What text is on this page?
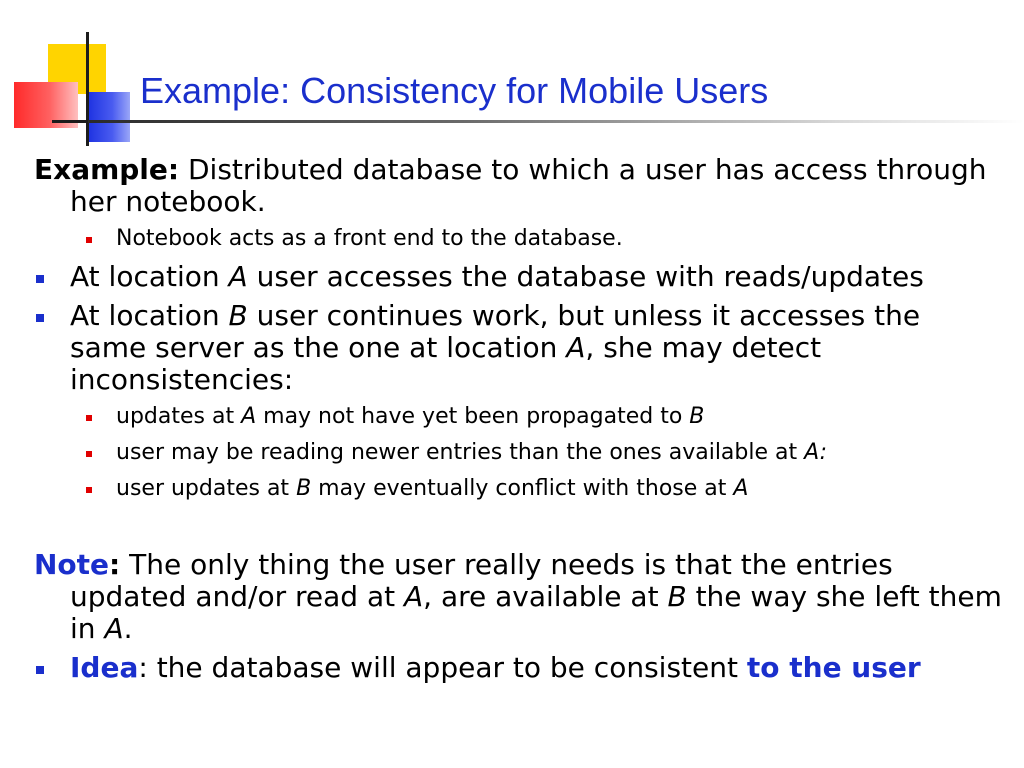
Example: Consistency for Mobile Users

Example: Distributed database to which a user has access through her notebook.

Notebook acts as a front end to the database.

At location A user accesses the database with reads/updates

At location B user continues work, but unless it accesses the same server as the one at location A, she may detect inconsistencies:

updates at A may not have yet been propagated to B

user may be reading newer entries than the ones available at A:

user updates at B may eventually conflict with those at A

Note: The only thing the user really needs is that the entries updated and/or read at A, are available at B the way she left them in A.

Idea: the database will appear to be consistent to the user
